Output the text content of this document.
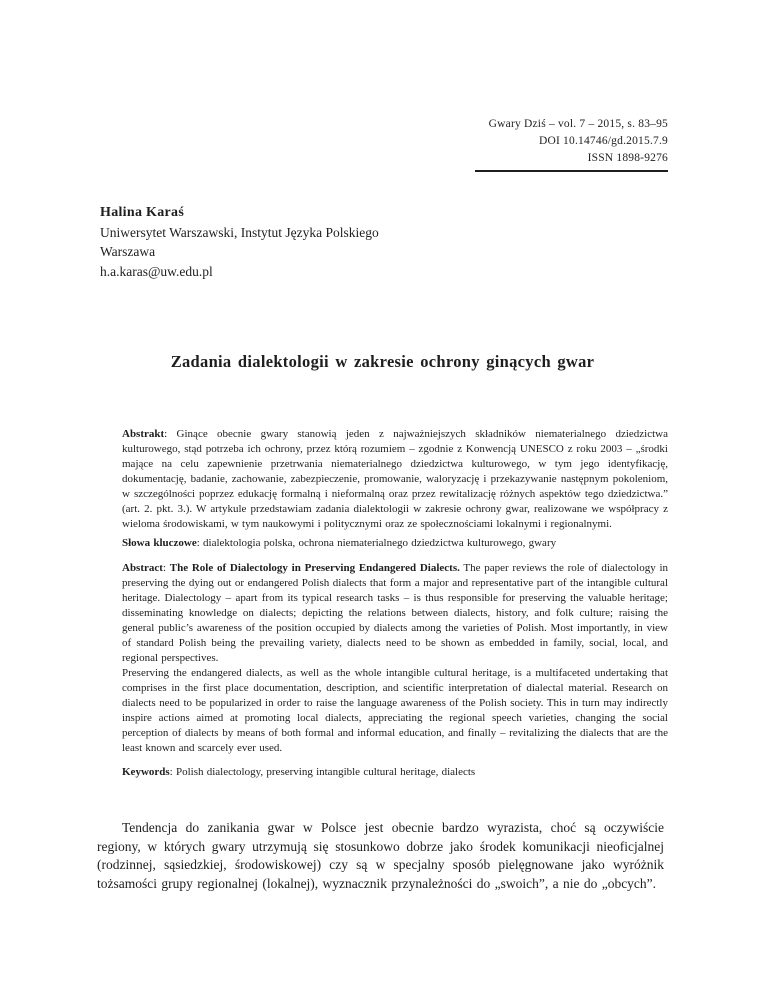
Gwary Dziś – vol. 7 – 2015, s. 83–95
DOI 10.14746/gd.2015.7.9
ISSN 1898-9276
Halina Karaś
Uniwersytet Warszawski, Instytut Języka Polskiego
Warszawa
h.a.karas@uw.edu.pl
Zadania dialektologii w zakresie ochrony ginących gwar

Abstrakt: Ginące obecnie gwary stanowią jeden z najważniejszych składników niematerialnego dziedzictwa kulturowego, stąd potrzeba ich ochrony, przez którą rozumiem – zgodnie z Konwencją UNESCO z roku 2003 – „środki mające na celu zapewnienie przetrwania niematerialnego dziedzictwa kulturowego, w tym jego identyfikację, dokumentację, badanie, zachowanie, zabezpieczenie, promowanie, waloryzację i przekazywanie następnym pokoleniom, w szczególności poprzez edukację formalną i nieformalną oraz przez rewitalizację różnych aspektów tego dziedzictwa.” (art. 2. pkt. 3.). W artykule przedstawiam zadania dialektologii w zakresie ochrony gwar, realizowane we współpracy z wieloma środowiskami, w tym naukowymi i politycznymi oraz ze społecznościami lokalnymi i regionalnymi.

Słowa kluczowe: dialektologia polska, ochrona niematerialnego dziedzictwa kulturowego, gwary

Abstract: The Role of Dialectology in Preserving Endangered Dialects. The paper reviews the role of dialectology in preserving the dying out or endangered Polish dialects that form a major and representative part of the intangible cultural heritage. Dialectology – apart from its typical research tasks – is thus responsible for preserving the valuable heritage; disseminating knowledge on dialects; depicting the relations between dialects, history, and folk culture; raising the general public’s awareness of the position occupied by dialects among the varieties of Polish. Most importantly, in view of standard Polish being the prevailing variety, dialects need to be shown as embedded in family, social, local, and regional perspectives.

Preserving the endangered dialects, as well as the whole intangible cultural heritage, is a multifaceted undertaking that comprises in the first place documentation, description, and scientific interpretation of dialectal material. Research on dialects need to be popularized in order to raise the language awareness of the Polish society. This in turn may indirectly inspire actions aimed at promoting local dialects, appreciating the regional speech varieties, changing the social perception of dialects by means of both formal and informal education, and finally – revitalizing the dialects that are the least known and scarcely ever used.

Keywords: Polish dialectology, preserving intangible cultural heritage, dialects

Tendencja do zanikania gwar w Polsce jest obecnie bardzo wyrazista, choć są oczywiście regiony, w których gwary utrzymują się stosunkowo dobrze jako środek komunikacji nieoficjalnej (rodzinnej, sąsiedzkiej, środowiskowej) czy są w specjalny sposób pielęgnowane jako wyróżnik tożsamości grupy regionalnej (lokalnej), wyznacznik przynależności do „swoich”, a nie do „obcych”.
